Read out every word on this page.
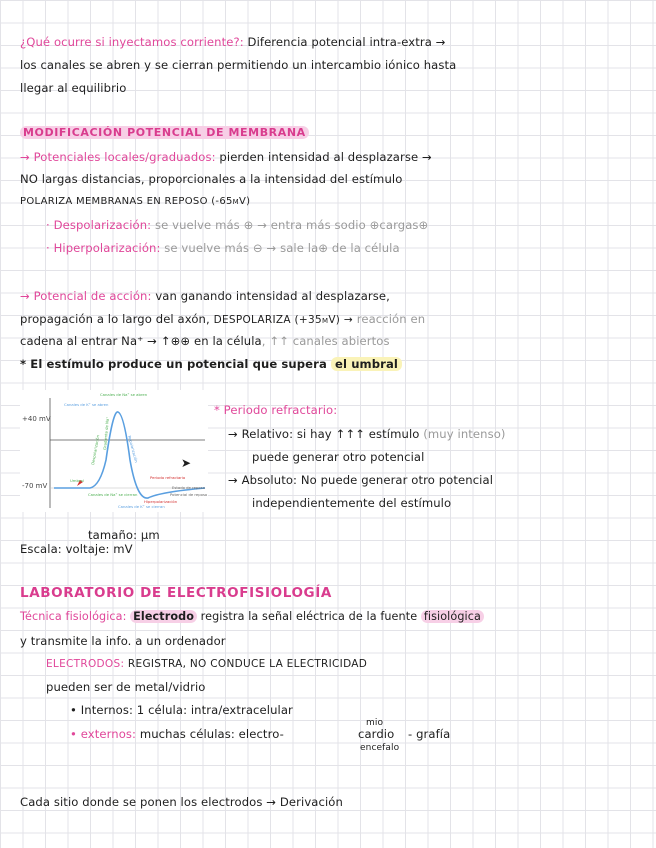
¿Qué ocurre si inyectamos corriente?: Diferencia potencial intra-extra →
los canales se abren y se cierran permitiendo un intercambio iónico hasta
llegar al equilibrio
MODIFICACIÓN POTENCIAL DE MEMBRANA
→ Potenciales locales/graduados: pierden intensidad al desplazarse →
NO largas distancias, proporcionales a la intensidad del estímulo
POLARIZA MEMBRANAS EN REPOSO (-65mV)
· Despolarización: se vuelve más ⊕ → entra más sodio ⊕cargas⊕
· Hiperpolarización: se vuelve más ⊖ → sale la⊕ de la célula
→ Potencial de acción: van ganando intensidad al desplazarse,
propagación a lo largo del axón, DESPOLARIZA (+35mV) → reacción en
cadena al entrar Na⁺ → ↑⊕⊕ en la célula, ↑↑ canales abiertos
* El estímulo produce un potencial que supera el umbral
+40 mV
-70 mV
Canales de Na⁺ se abren
Canales de K⁺ se abren
Despolarización	Repolarización
Periodo refractario
Gradiente de Na⁺
Umbral
Estado de reposo
Canales de Na⁺ se cierran
Canales de K⁺ se cierran
Hiperpolarización
Potencial de reposo
➤
* Periodo refractario:
→ Relativo: si hay ↑↑↑ estímulo (muy intenso)
puede generar otro potencial
→ Absoluto: No puede generar otro potencial
independientemente del estímulo
tamaño: μm
Escala: voltaje: mV
LABORATORIO DE ELECTROFISIOLOGÍA
Técnica fisiológica: Electrodo registra la señal eléctrica de la fuente fisiológica
y transmite la info. a un ordenador
ELECTRODOS: REGISTRA, NO CONDUCE LA ELECTRICIDAD
pueden ser de metal/vidrio
• Internos: 1 célula: intra/extracelular
mio
• externos: muchas células: electro-	cardio - grafía
encefalo
Cada sitio donde se ponen los electrodos → Derivación
